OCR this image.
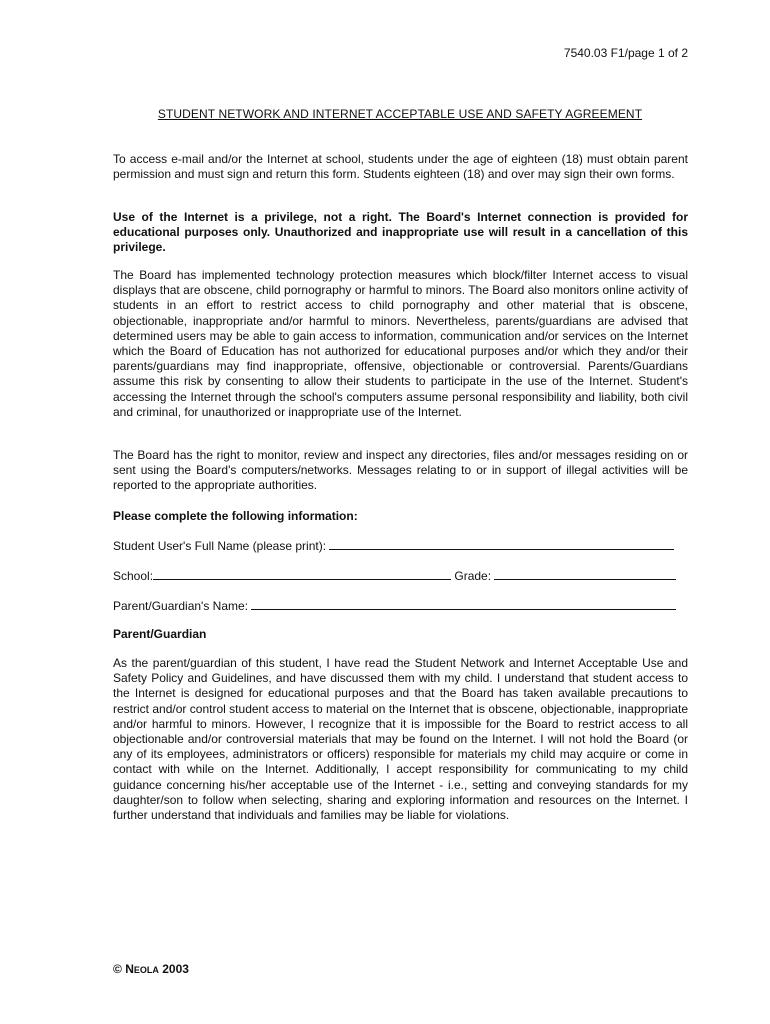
7540.03 F1/page 1 of 2
STUDENT NETWORK AND INTERNET ACCEPTABLE USE AND SAFETY AGREEMENT

To access e-mail and/or the Internet at school, students under the age of eighteen (18) must obtain parent permission and must sign and return this form. Students eighteen (18) and over may sign their own forms.

Use of the Internet is a privilege, not a right. The Board's Internet connection is provided for educational purposes only. Unauthorized and inappropriate use will result in a cancellation of this privilege.

The Board has implemented technology protection measures which block/filter Internet access to visual displays that are obscene, child pornography or harmful to minors. The Board also monitors online activity of students in an effort to restrict access to child pornography and other material that is obscene, objectionable, inappropriate and/or harmful to minors. Nevertheless, parents/guardians are advised that determined users may be able to gain access to information, communication and/or services on the Internet which the Board of Education has not authorized for educational purposes and/or which they and/or their parents/guardians may find inappropriate, offensive, objectionable or controversial. Parents/Guardians assume this risk by consenting to allow their students to participate in the use of the Internet. Student's accessing the Internet through the school's computers assume personal responsibility and liability, both civil and criminal, for unauthorized or inappropriate use of the Internet.

The Board has the right to monitor, review and inspect any directories, files and/or messages residing on or sent using the Board's computers/networks. Messages relating to or in support of illegal activities will be reported to the appropriate authorities.

Please complete the following information:

Student User's Full Name (please print):
School:	Grade:
Parent/Guardian's Name:

Parent/Guardian

As the parent/guardian of this student, I have read the Student Network and Internet Acceptable Use and Safety Policy and Guidelines, and have discussed them with my child. I understand that student access to the Internet is designed for educational purposes and that the Board has taken available precautions to restrict and/or control student access to material on the Internet that is obscene, objectionable, inappropriate and/or harmful to minors. However, I recognize that it is impossible for the Board to restrict access to all objectionable and/or controversial materials that may be found on the Internet. I will not hold the Board (or any of its employees, administrators or officers) responsible for materials my child may acquire or come in contact with while on the Internet. Additionally, I accept responsibility for communicating to my child guidance concerning his/her acceptable use of the Internet - i.e., setting and conveying standards for my daughter/son to follow when selecting, sharing and exploring information and resources on the Internet. I further understand that individuals and families may be liable for violations.

© NEOLA 2003
